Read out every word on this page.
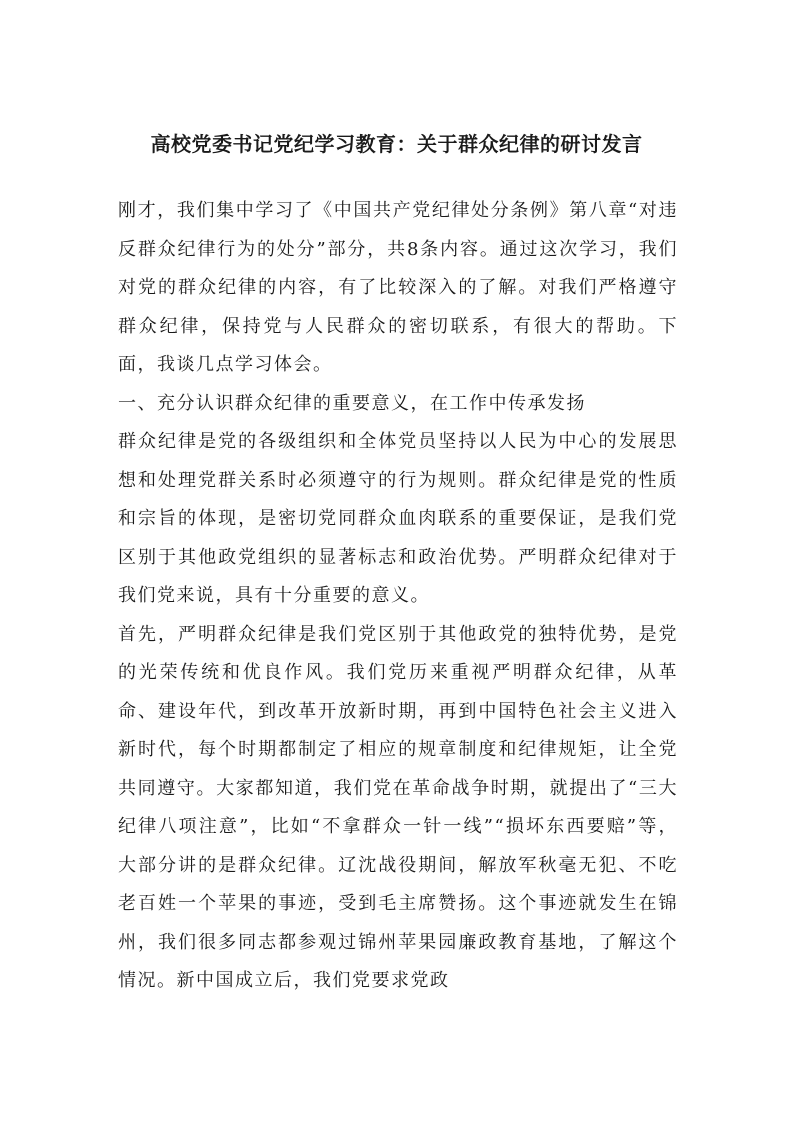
高校党委书记党纪学习教育：关于群众纪律的研讨发言

刚才，我们集中学习了《中国共产党纪律处分条例》第八章“对违反群众纪律行为的处分”部分，共8条内容。通过这次学习，我们对党的群众纪律的内容，有了比较深入的了解。对我们严格遵守群众纪律，保持党与人民群众的密切联系，有很大的帮助。下面，我谈几点学习体会。

一、充分认识群众纪律的重要意义，在工作中传承发扬

群众纪律是党的各级组织和全体党员坚持以人民为中心的发展思想和处理党群关系时必须遵守的行为规则。群众纪律是党的性质和宗旨的体现，是密切党同群众血肉联系的重要保证，是我们党区别于其他政党组织的显著标志和政治优势。严明群众纪律对于我们党来说，具有十分重要的意义。

首先，严明群众纪律是我们党区别于其他政党的独特优势，是党的光荣传统和优良作风。我们党历来重视严明群众纪律，从革命、建设年代，到改革开放新时期，再到中国特色社会主义进入新时代，每个时期都制定了相应的规章制度和纪律规矩，让全党共同遵守。大家都知道，我们党在革命战争时期，就提出了“三大纪律八项注意”，比如“不拿群众一针一线”“损坏东西要赔”等，大部分讲的是群众纪律。辽沈战役期间，解放军秋毫无犯、不吃老百姓一个苹果的事迹，受到毛主席赞扬。这个事迹就发生在锦州，我们很多同志都参观过锦州苹果园廉政教育基地，了解这个情况。新中国成立后，我们党要求党政
